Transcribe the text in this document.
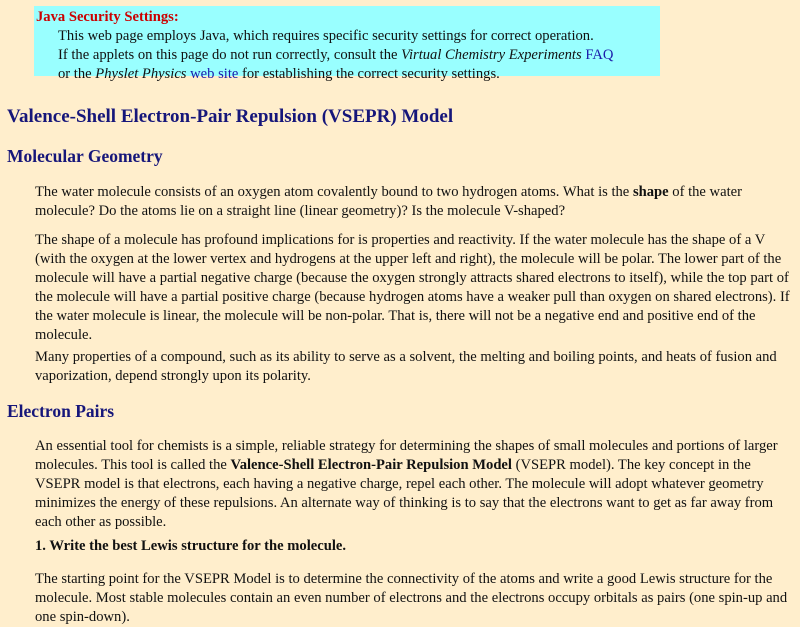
Java Security Settings:
This web page employs Java, which requires specific security settings for correct operation.
If the applets on this page do not run correctly, consult the Virtual Chemistry Experiments FAQ
or the Physlet Physics web site for establishing the correct security settings.
Valence-Shell Electron-Pair Repulsion (VSEPR) Model
Molecular Geometry

The water molecule consists of an oxygen atom covalently bound to two hydrogen atoms. What is the shape of the water molecule? Do the atoms lie on a straight line (linear geometry)? Is the molecule V-shaped?

The shape of a molecule has profound implications for is properties and reactivity. If the water molecule has the shape of a V (with the oxygen at the lower vertex and hydrogens at the upper left and right), the molecule will be polar. The lower part of the molecule will have a partial negative charge (because the oxygen strongly attracts shared electrons to itself), while the top part of the molecule will have a partial positive charge (because hydrogen atoms have a weaker pull than oxygen on shared electrons). If the water molecule is linear, the molecule will be non-polar. That is, there will not be a negative end and positive end of the molecule.

Many properties of a compound, such as its ability to serve as a solvent, the melting and boiling points, and heats of fusion and vaporization, depend strongly upon its polarity.

Electron Pairs

An essential tool for chemists is a simple, reliable strategy for determining the shapes of small molecules and portions of larger molecules. This tool is called the Valence-Shell Electron-Pair Repulsion Model (VSEPR model). The key concept in the VSEPR model is that electrons, each having a negative charge, repel each other. The molecule will adopt whatever geometry minimizes the energy of these repulsions. An alternate way of thinking is to say that the electrons want to get as far away from each other as possible.

1. Write the best Lewis structure for the molecule.

The starting point for the VSEPR Model is to determine the connectivity of the atoms and write a good Lewis structure for the molecule. Most stable molecules contain an even number of electrons and the electrons occupy orbitals as pairs (one spin-up and one spin-down).
